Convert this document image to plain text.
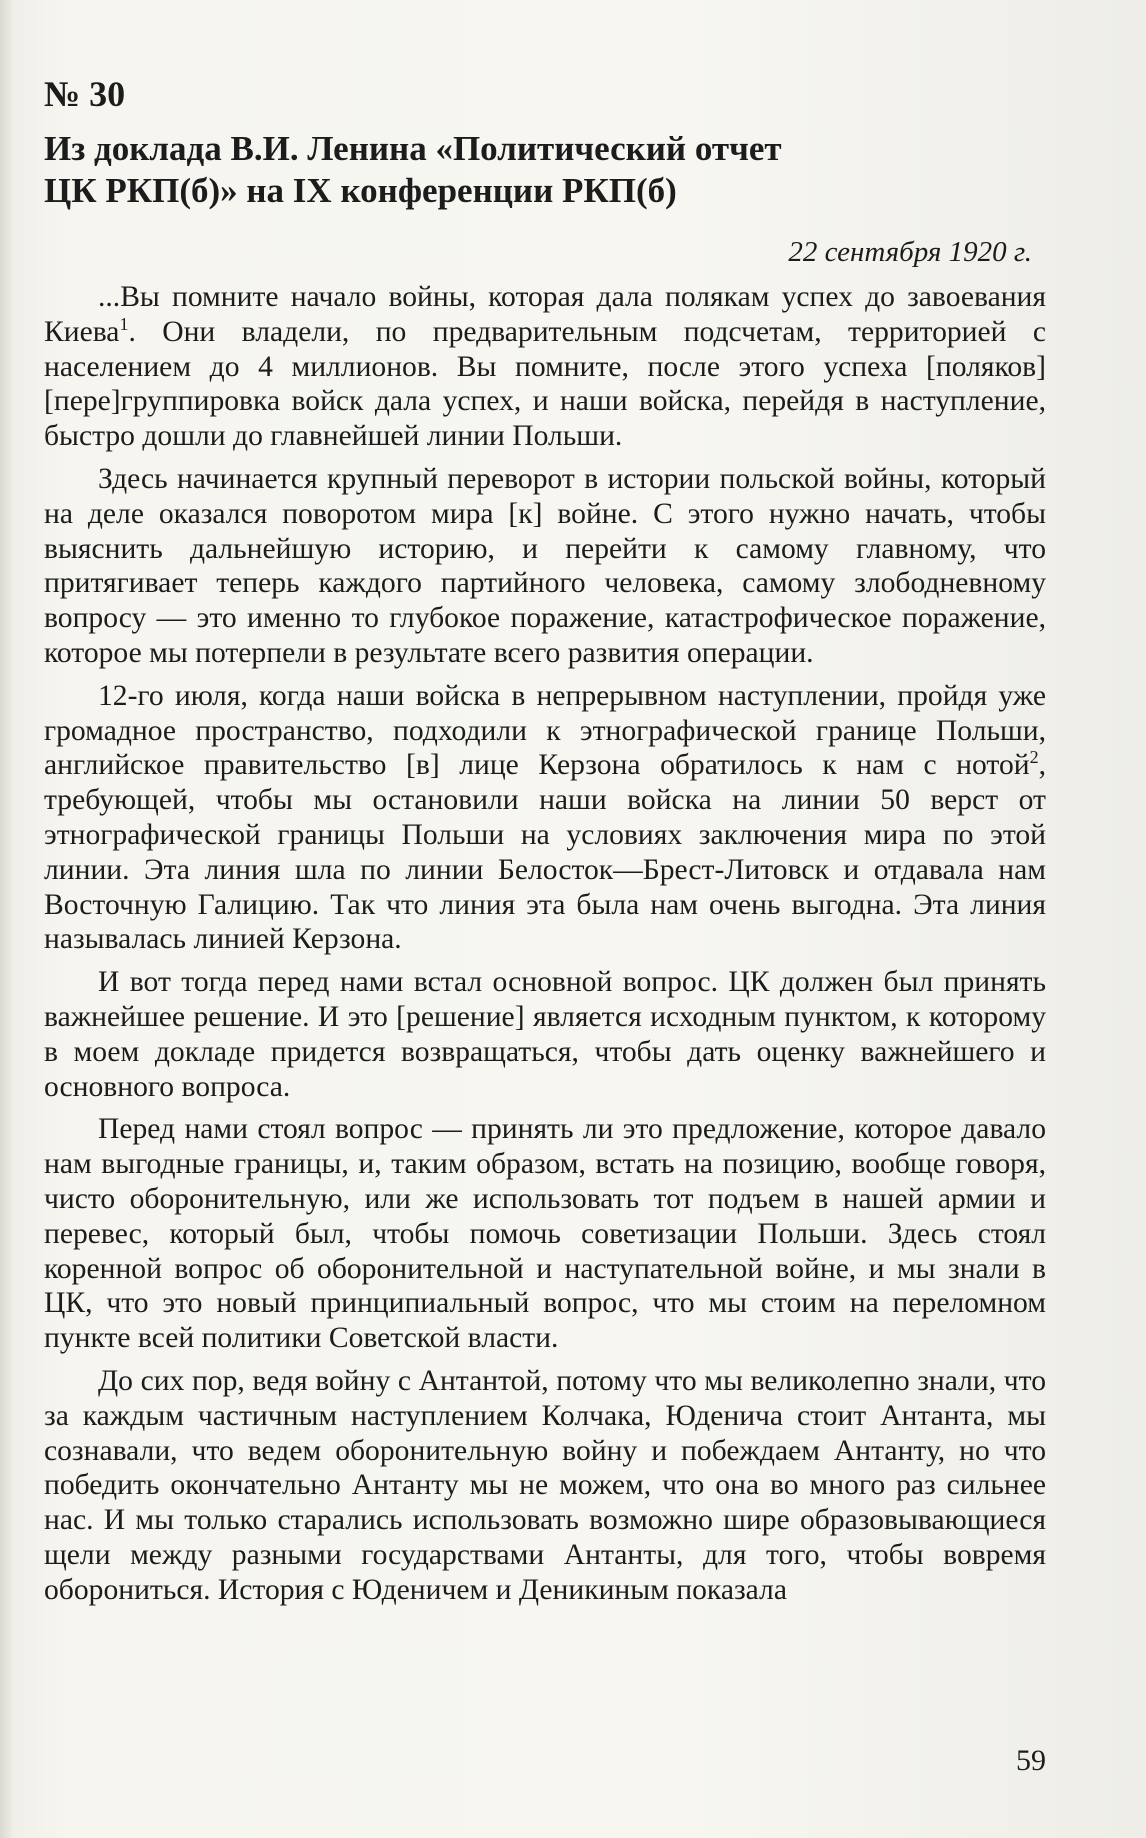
№ 30
Из доклада В.И. Ленина «Политический отчет
ЦК РКП(б)» на IX конференции РКП(б)
22 сентября 1920 г.

...Вы помните начало войны, которая дала полякам успех до завоевания Киева$^1$. Они владели, по предварительным подсчетам, территорией с населением до 4 миллионов. Вы помните, после этого успеха [поляков] [пере]группировка войск дала успех, и наши войска, перейдя в наступление, быстро дошли до главнейшей линии Польши.

Здесь начинается крупный переворот в истории польской войны, который на деле оказался поворотом мира [к] войне. С этого нужно начать, чтобы выяснить дальнейшую историю, и перейти к самому главному, что притягивает теперь каждого партийного человека, самому злободневному вопросу — это именно то глубокое поражение, катастрофическое поражение, которое мы потерпели в результате всего развития операции.

12-го июля, когда наши войска в непрерывном наступлении, пройдя уже громадное пространство, подходили к этнографической границе Польши, английское правительство [в] лице Керзона обратилось к нам с нотой$^2$, требующей, чтобы мы остановили наши войска на линии 50 верст от этнографической границы Польши на условиях заключения мира по этой линии. Эта линия шла по линии Белосток—Брест-Литовск и отдавала нам Восточную Галицию. Так что линия эта была нам очень выгодна. Эта линия называлась линией Керзона.

И вот тогда перед нами встал основной вопрос. ЦК должен был принять важнейшее решение. И это [решение] является исходным пунктом, к которому в моем докладе придется возвращаться, чтобы дать оценку важнейшего и основного вопроса.

Перед нами стоял вопрос — принять ли это предложение, которое давало нам выгодные границы, и, таким образом, встать на позицию, вообще говоря, чисто оборонительную, или же использовать тот подъем в нашей армии и перевес, который был, чтобы помочь советизации Польши. Здесь стоял коренной вопрос об оборонительной и наступательной войне, и мы знали в ЦК, что это новый принципиальный вопрос, что мы стоим на переломном пункте всей политики Советской власти.

До сих пор, ведя войну с Антантой, потому что мы великолепно знали, что за каждым частичным наступлением Колчака, Юденича стоит Антанта, мы сознавали, что ведем оборонительную войну и побеждаем Антанту, но что победить окончательно Антанту мы не можем, что она во много раз сильнее нас. И мы только старались использовать возможно шире образовывающиеся щели между разными государствами Антанты, для того, чтобы вовремя оборониться. История с Юденичем и Деникиным показала

59
